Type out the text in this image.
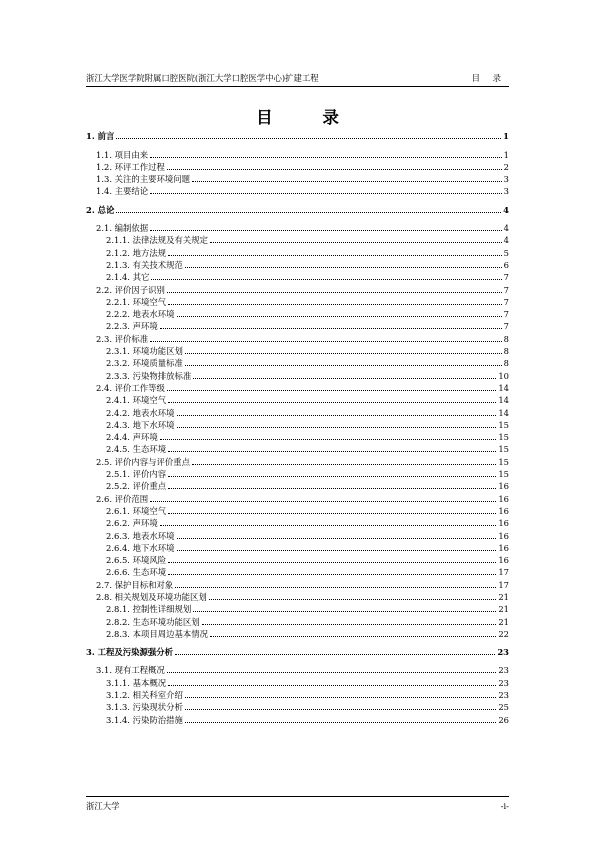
浙江大学医学院附属口腔医院(浙江大学口腔医学中心)扩建工程	目 录
目 录
1. 前言	1
1.1. 项目由来	1
1.2. 环评工作过程	2
1.3. 关注的主要环境问题	3
1.4. 主要结论	3
2. 总论	4
2.1. 编制依据	4
2.1.1. 法律法规及有关规定	4
2.1.2. 地方法规	5
2.1.3. 有关技术规范	6
2.1.4. 其它	7
2.2. 评价因子识别	7
2.2.1. 环境空气	7
2.2.2. 地表水环境	7
2.2.3. 声环境	7
2.3. 评价标准	8
2.3.1. 环境功能区划	8
2.3.2. 环境质量标准	8
2.3.3. 污染物排放标准	10
2.4. 评价工作等级	14
2.4.1. 环境空气	14
2.4.2. 地表水环境	14
2.4.3. 地下水环境	15
2.4.4. 声环境	15
2.4.5. 生态环境	15
2.5. 评价内容与评价重点	15
2.5.1. 评价内容	15
2.5.2. 评价重点	16
2.6. 评价范围	16
2.6.1. 环境空气	16
2.6.2. 声环境	16
2.6.3. 地表水环境	16
2.6.4. 地下水环境	16
2.6.5. 环境风险	16
2.6.6. 生态环境	17
2.7. 保护目标和对象	17
2.8. 相关规划及环境功能区划	21
2.8.1. 控制性详细规划	21
2.8.2. 生态环境功能区划	21
2.8.3. 本项目周边基本情况	22
3. 工程及污染源强分析	23
3.1. 现有工程概况	23
3.1.1. 基本概况	23
3.1.2. 相关科室介绍	23
3.1.3. 污染现状分析	25
3.1.4. 污染防治措施	26
浙江大学	-i-
